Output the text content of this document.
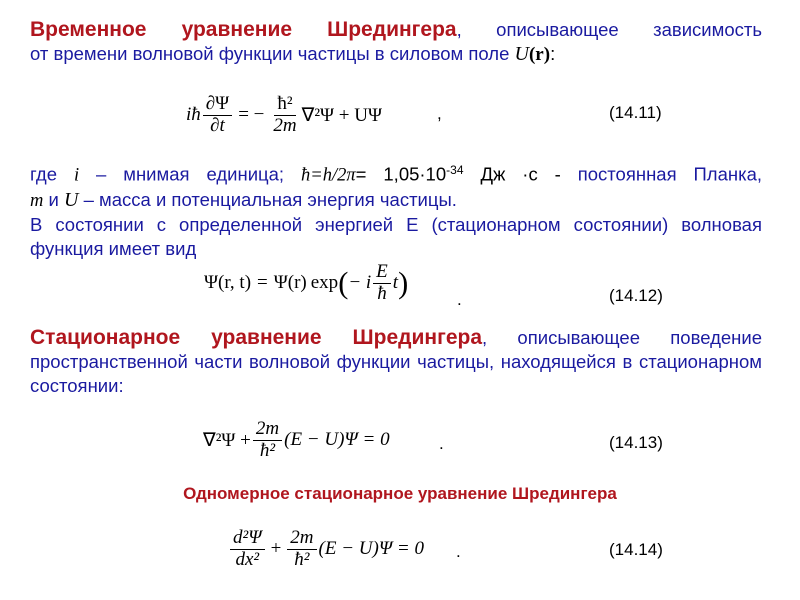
Временное уравнение Шредингера, описывающее зависимость
от времени волновой функции частицы в силовом поле U(r):
iħ $\frac{\partial\Psi}{\partial t}$ = − $\frac{\text{ħ²}}{2m} \nabla^2\Psi + U\Psi$	,	(14.11)
где i – мнимая единица; ħ=h/2π= $1,05\cdot 10^{-34}$ Дж ·с - постоянная Планка,
m и U – масса и потенциальная энергия частицы.
В состоянии с определенной энергией Е (стационарном состоянии) волновая функция имеет вид
Ψ(r, t) = Ψ(r) exp ( − i $\frac{E}{ħ}$ t )	.	(14.12)
Стационарное уравнение Шредингера, описывающее поведение пространственной части волновой функции частицы, находящейся в стационарном состоянии:
$\nabla^2\Psi + \frac{2m}{\text{ħ²}} (E - U)\Psi = 0$	.	(14.13)
Одномерное стационарное уравнение Шредингера
$\frac{\text{d²Ψ}}{\text{dx²}} + \frac{2m}{\text{ħ²}} (E - U)\Psi = 0$ .	(14.14)
